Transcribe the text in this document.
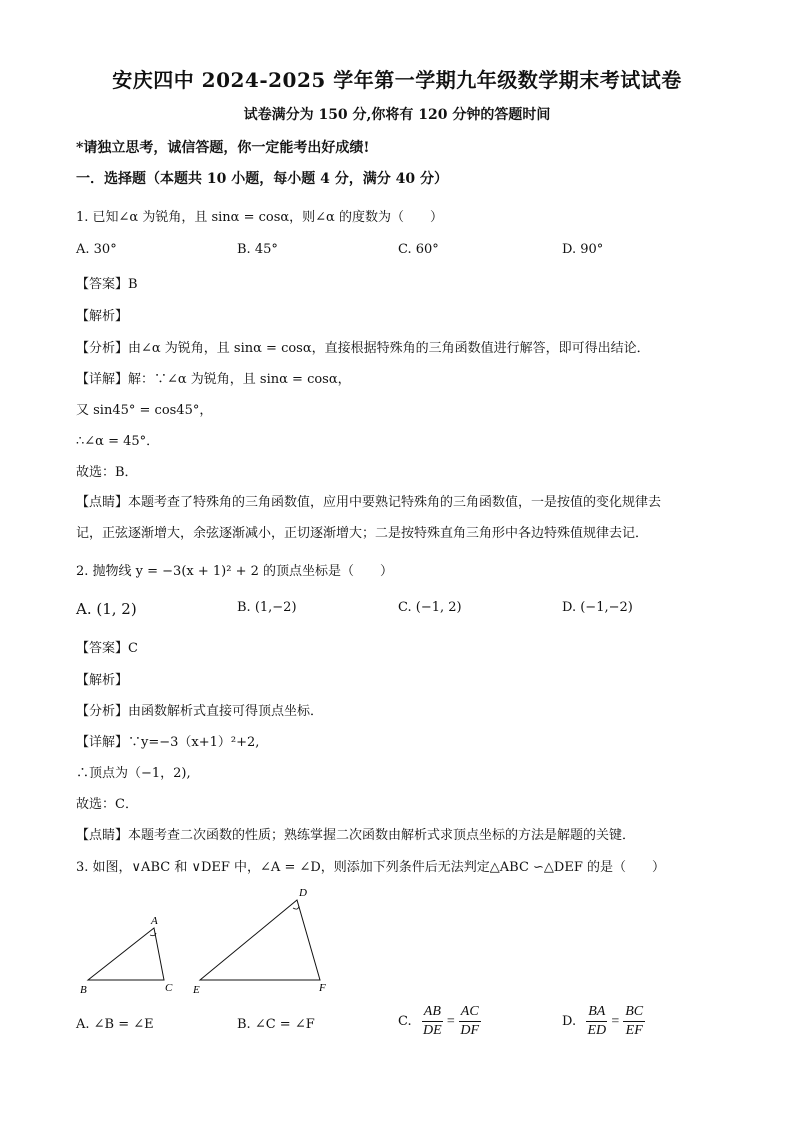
安庆四中 2024-2025 学年第一学期九年级数学期末考试试卷
试卷满分为 150 分,你将有 120 分钟的答题时间
*请独立思考，诚信答题，你一定能考出好成绩!
一．选择题（本题共 10 小题，每小题 4 分，满分 40 分）
1. 已知∠α 为锐角，且 sinα = cosα，则∠α 的度数为（　　）
A. 30°	B. 45°	C. 60°	D. 90°
【答案】B
【解析】
【分析】由∠α 为锐角，且 sinα = cosα，直接根据特殊角的三角函数值进行解答，即可得出结论．
【详解】解：∵∠α 为锐角，且 sinα = cosα，
又 sin45° = cos45°，
∴∠α = 45°．
故选：B．
【点睛】本题考查了特殊角的三角函数值，应用中要熟记特殊角的三角函数值，一是按值的变化规律去
记，正弦逐渐增大，余弦逐渐减小，正切逐渐增大；二是按特殊直角三角形中各边特殊值规律去记．
2. 抛物线 y = −3(x + 1)² + 2 的顶点坐标是（　　）
A. (1, 2)	B. (1,−2)	C. (−1, 2)	D. (−1,−2)
【答案】C
【解析】
【分析】由函数解析式直接可得顶点坐标．
【详解】∵y=−3（x+1）²+2,
∴顶点为（−1，2),
故选：C．
【点睛】本题考查二次函数的性质；熟练掌握二次函数由解析式求顶点坐标的方法是解题的关键．
3. 如图，∨ABC 和 ∨DEF 中，∠A = ∠D，则添加下列条件后无法判定△ABC ∽△DEF 的是（　　）
A
B	C
D
E	F
A. ∠B = ∠E	B. ∠C = ∠F	C. $\frac{AB}{DE} = \frac{AC}{DF}$	D. $\frac{BA}{ED} = \frac{BC}{EF}$
